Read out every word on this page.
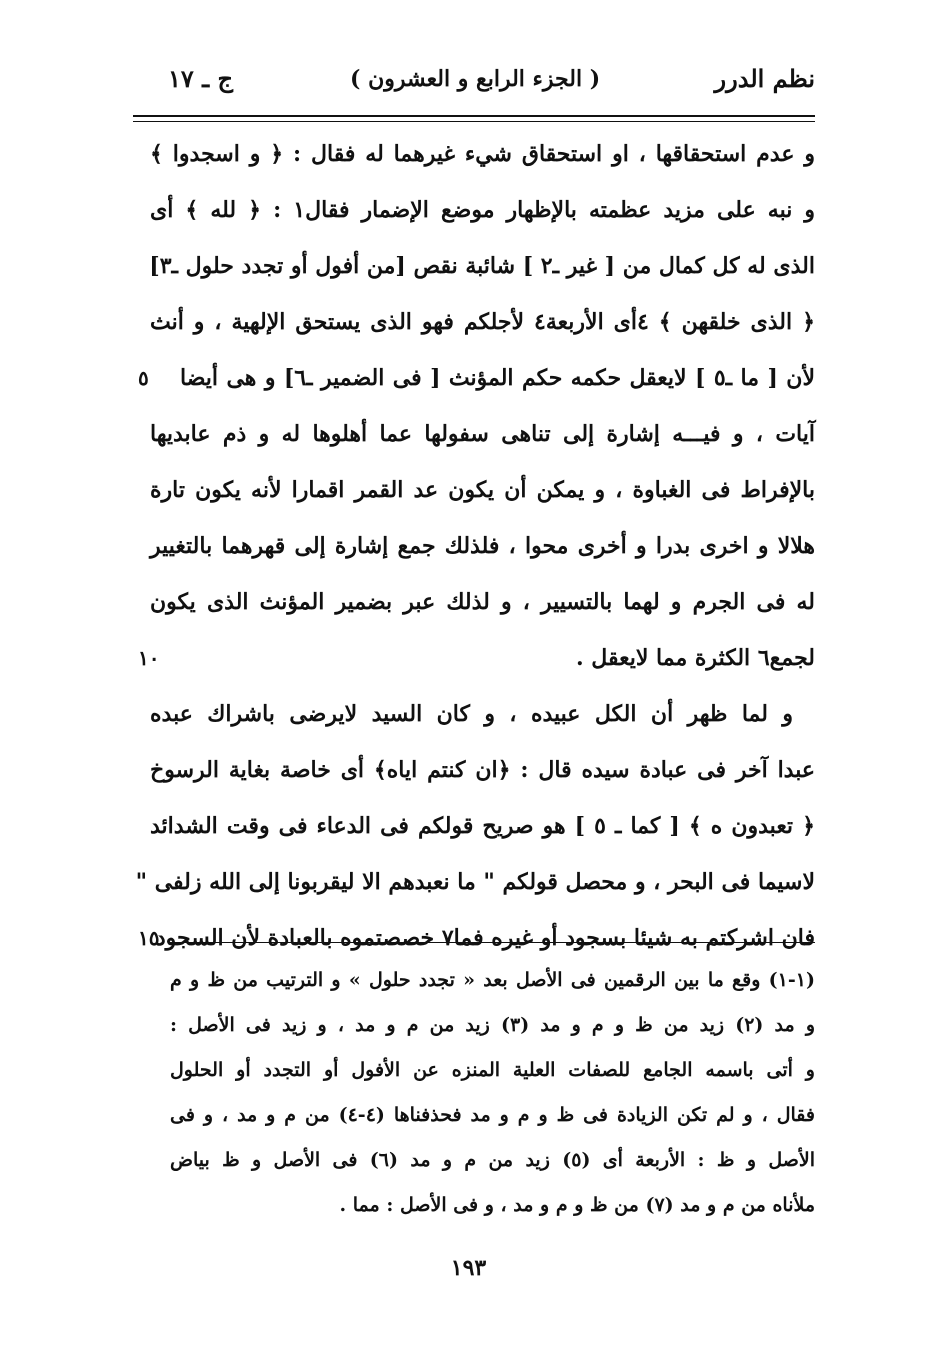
نظم الدرر
( الجزء الرابع و العشرون )
ج ـ ١٧
و عدم استحقاقها ، او استحقاق شيء غيرهما له فقال : ﴿ و اسجدوا ﴾
و نبه على مزيد عظمته بالإظهار موضع الإضمار فقال١ : ﴿ لله ﴾ أى
الذى له كل كمال من [ غير ـ٢ ] شائبة نقص [من أفول أو تجدد حلول ـ٣]
﴿ الذى خلقهن ﴾ ٤أى الأربعة٤ لأجلكم فهو الذى يستحق الإلهية ، و أنث
٥ لأن [ ما ـ٥ ] لايعقل حكمه حكم المؤنث [ فى الضمير ـ٦] و هى أيضا
آيات ، و فيـــه إشارة إلى تناهى سفولها عما أهلوها له و ذم عابديها
بالإفراط فى الغباوة ، و يمكن أن يكون عد القمر اقمارا لأنه يكون تارة
هلالا و اخرى بدرا و أخرى محوا ، فلذلك جمع إشارة إلى قهرهما بالتغيير
له فى الجرم و لهما بالتسيير ، و لذلك عبر بضمير المؤنث الذى يكون
١٠	لجمع٦ الكثرة مما لايعقل .
و لما ظهر أن الكل عبيده ، و كان السيد لايرضى باشراك عبده
عبدا آخر فى عبادة سيده قال : ﴿ان كنتم اياه﴾ أى خاصة بغاية الرسوخ
﴿ تعبدون ه ﴾ [ كما ـ ٥ ] هو صريح قولكم فى الدعاء فى وقت الشدائد
لاسيما فى البحر ، و محصل قولكم " ما نعبدهم الا ليقربونا إلى الله زلفى "
١٥
فان اشركتم به شيئا بسجود أو غيره فما٧ خصصتموه بالعبادة لأن السجود
(١-١) وقع ما بين الرقمين فى الأصل بعد « تجدد حلول » و الترتيب من ظ و م
و مد (٢) زيد من ظ و م و مد (٣) زيد من م و مد ، و زيد فى الأصل :
و أتى باسمه الجامع للصفات العلية المنزه عن الأفول أو التجدد أو الحلول
فقال ، و لم تكن الزيادة فى ظ و م و مد فحذفناها (٤-٤) من م و مد ، و فى
الأصل و ظ : الأربعة أى (٥) زيد من م و مد (٦) فى الأصل و ظ بياض
ملأناه من م و مد (٧) من ظ و م و مد ، و فى الأصل : مما .
١٩٣
